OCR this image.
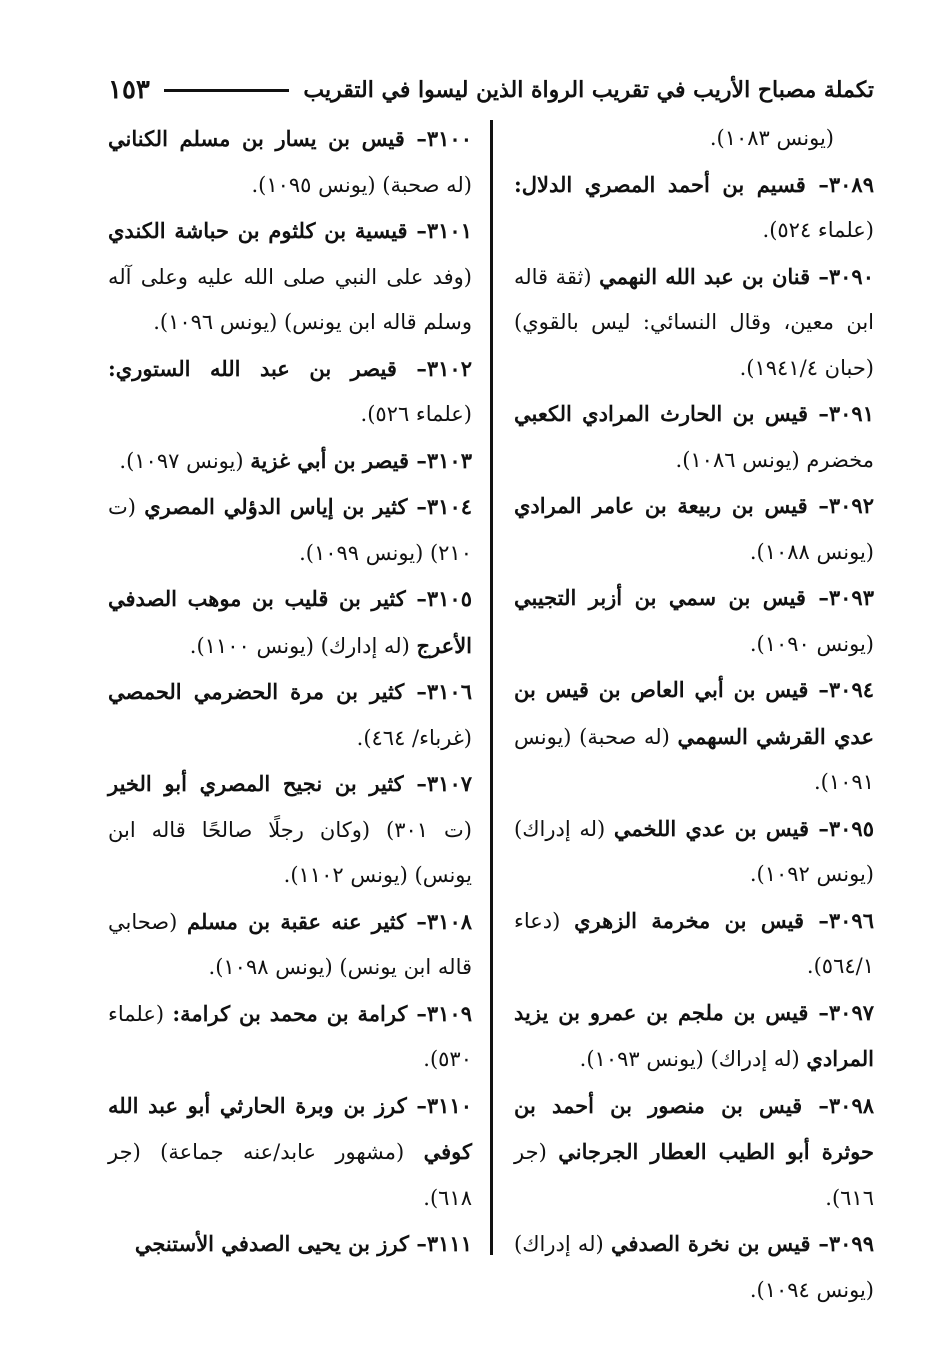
تكملة مصباح الأريب في تقريب الرواة الذين ليسوا في التقريب
١٥٣

(يونس ١٠٨٣).

٣٠٨٩ – قسيم بن أحمد المصري الدلال: (علماء ٥٢٤).

٣٠٩٠ – قنان بن عبد الله النهمي (ثقة قاله ابن معين، وقال النسائي: ليس بالقوي) (حبان ١٩٤١/٤).

٣٠٩١ – قيس بن الحارث المرادي الكعبي مخضرم (يونس ١٠٨٦).

٣٠٩٢ – قيس بن ربيعة بن عامر المرادي (يونس ١٠٨٨).

٣٠٩٣ – قيس بن سمي بن أزبر التجيبي (يونس ١٠٩٠).

٣٠٩٤ – قيس بن أبي العاص بن قيس بن عدي القرشي السهمي (له صحبة) (يونس ١٠٩١).

٣٠٩٥ – قيس بن عدي اللخمي (له إدراك) (يونس ١٠٩٢).

٣٠٩٦ – قيس بن مخرمة الزهري (دعاء ٥٦٤/١).

٣٠٩٧ – قيس بن ملجم بن عمرو بن يزيد المرادي (له إدراك) (يونس ١٠٩٣).

٣٠٩٨ – قيس بن منصور بن أحمد بن حوثرة أبو الطيب العطار الجرجاني (جر ٦١٦).

٣٠٩٩ – قيس بن نخرة الصدفي (له إدراك) (يونس ١٠٩٤).

٣١٠٠ – قيس بن يسار بن مسلم الكناني (له صحبة) (يونس ١٠٩٥).

٣١٠١ – قيسية بن كلثوم بن حباشة الكندي (وفد على النبي صلى الله عليه وعلى آله وسلم قاله ابن يونس) (يونس ١٠٩٦).

٣١٠٢ – قيصر بن عبد الله الستوري: (علماء ٥٢٦).

٣١٠٣ – قيصر بن أبي غزية (يونس ١٠٩٧).

٣١٠٤ – كثير بن إياس الدؤلي المصري (ت ٢١٠) (يونس ١٠٩٩).

٣١٠٥ – كثير بن قليب بن موهب الصدفي الأعرج (له إدارك) (يونس ١١٠٠).

٣١٠٦ – كثير بن مرة الحضرمي الحمصي (غرباء/ ٤٦٤).

٣١٠٧ – كثير بن نجيح المصري أبو الخير (ت ٣٠١) (وكان رجلًا صالحًا قاله ابن يونس) (يونس ١١٠٢).

٣١٠٨ – كثير عنه عقبة بن مسلم (صحابي قاله ابن يونس) (يونس ١٠٩٨).

٣١٠٩ – كرامة بن محمد بن كرامة: (علماء ٥٣٠).

٣١١٠ – كرز بن وبرة الحارثي أبو عبد الله كوفي (مشهور عابد/عنه جماعة) (جر ٦١٨).

٣١١١ – كرز بن يحيى الصدفي الأستنجي
